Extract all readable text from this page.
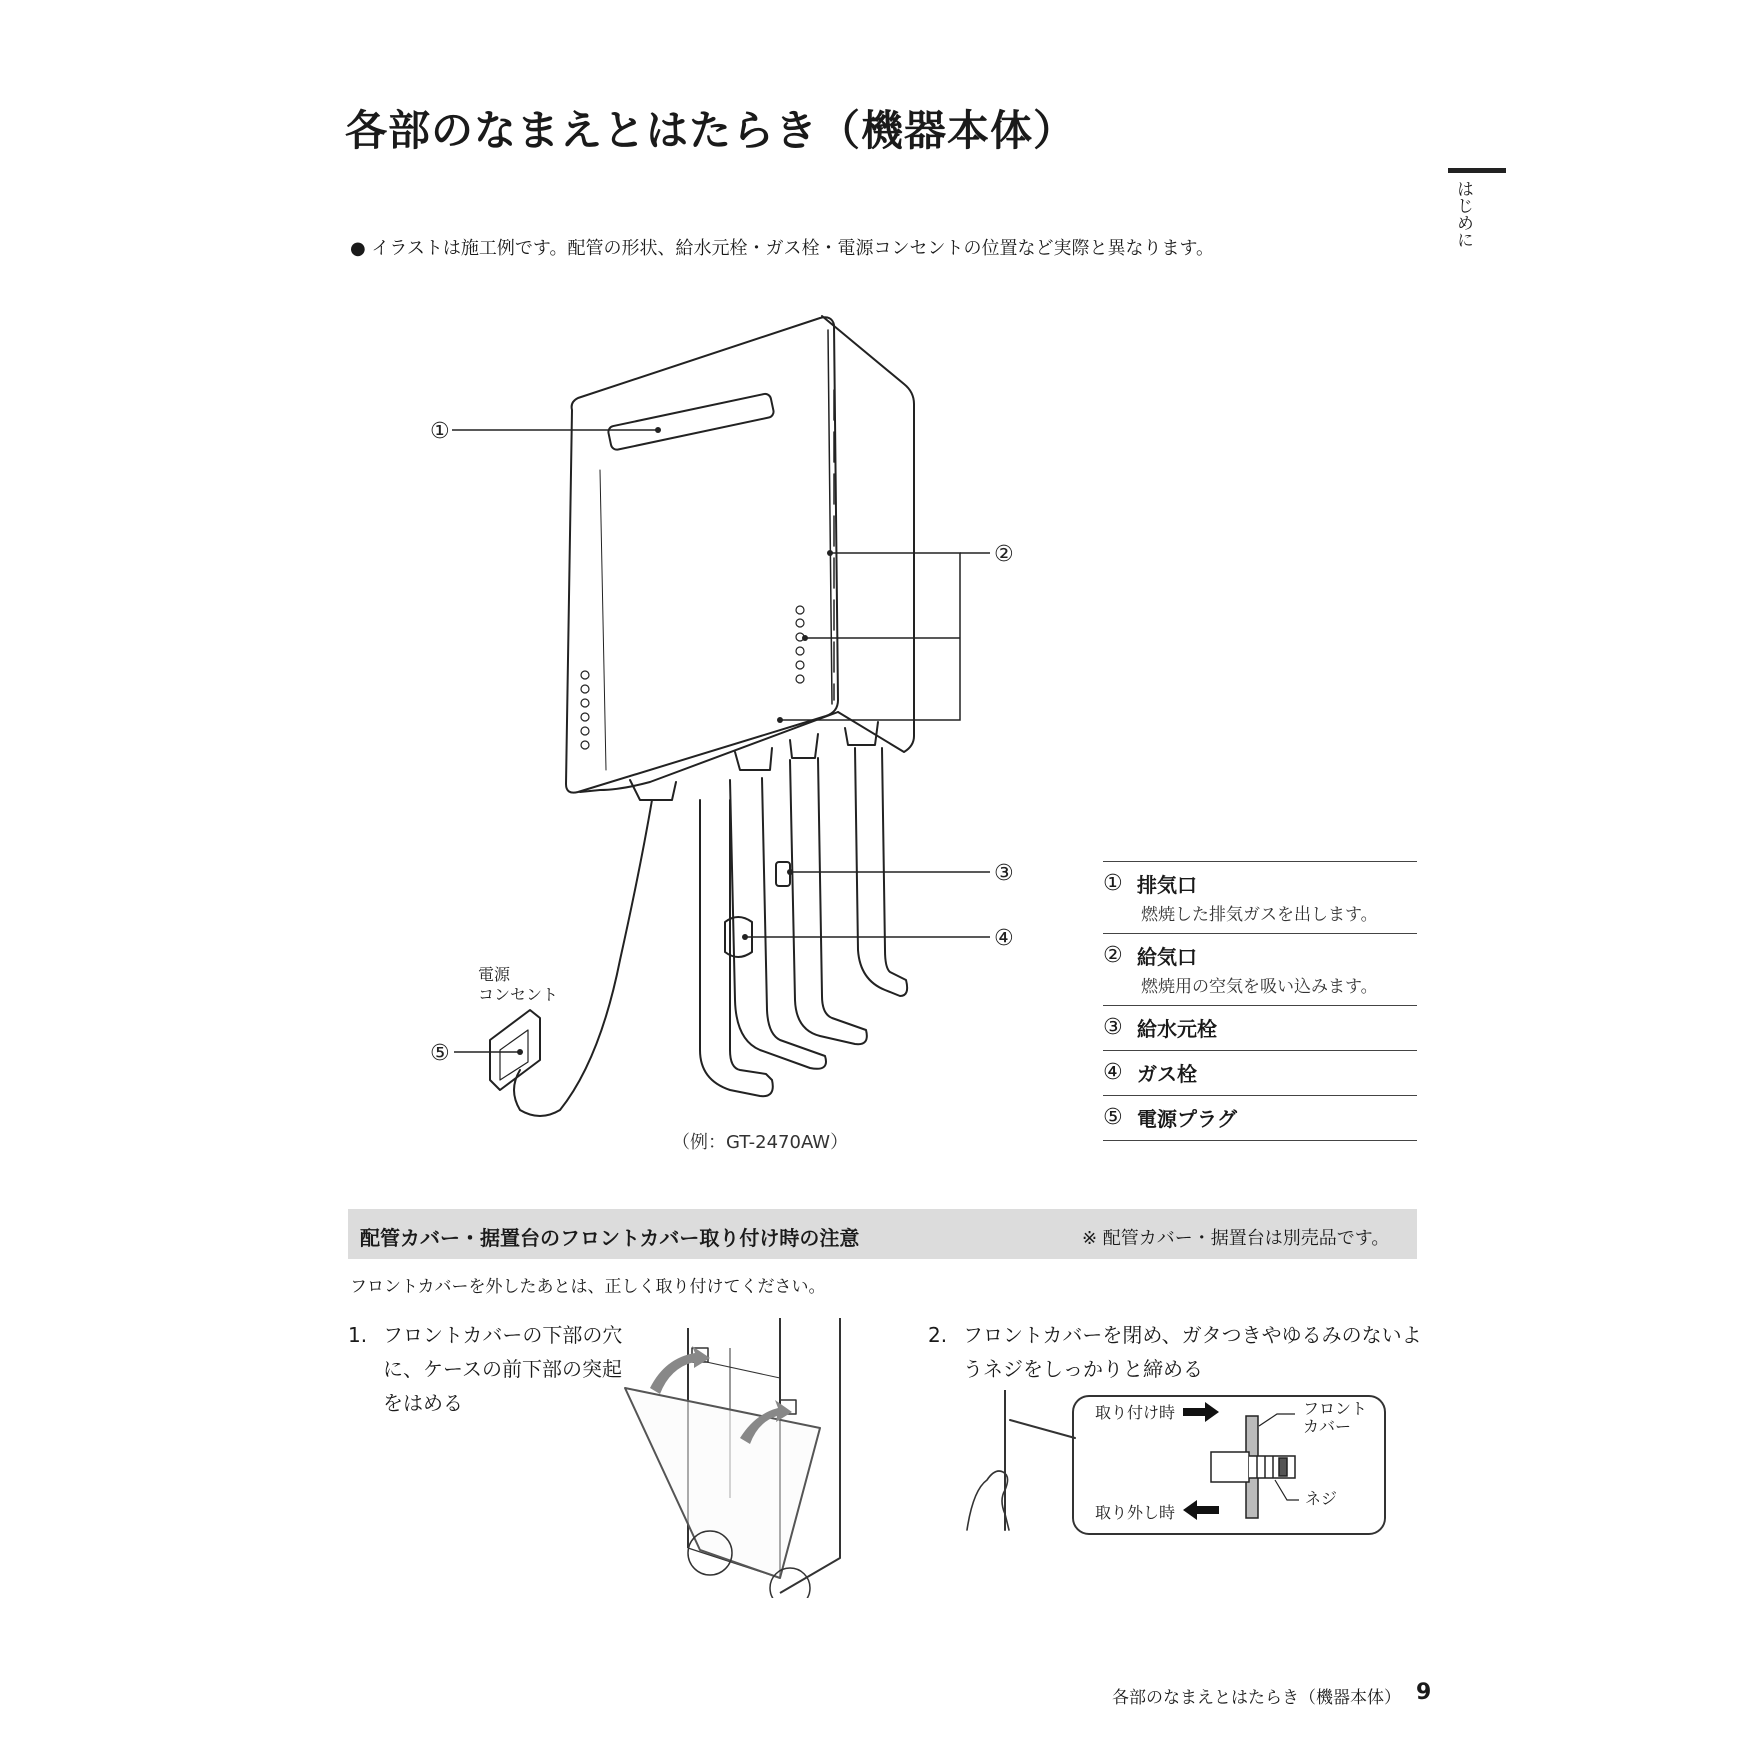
各部のなまえとはたらき（機器本体）
はじめに
● イラストは施工例です。配管の形状、給水元栓・ガス栓・電源コンセントの位置など実際と異なります。
①
②
③
④
⑤
電源
コンセント
（例：GT-2470AW）
① 排気口
燃焼した排気ガスを出します。
② 給気口
燃焼用の空気を吸い込みます。
③ 給水元栓
④ ガス栓
⑤ 電源プラグ
配管カバー・据置台のフロントカバー取り付け時の注意	※ 配管カバー・据置台は別売品です。
フロントカバーを外したあとは、正しく取り付けてください。
1. フロントカバーの下部の穴に、ケースの前下部の突起をはめる
2. フロントカバーを閉め、ガタつきやゆるみのないようネジをしっかりと締める
取り付け時
取り外し時
フロント
カバー
ネジ
各部のなまえとはたらき（機器本体） 9
